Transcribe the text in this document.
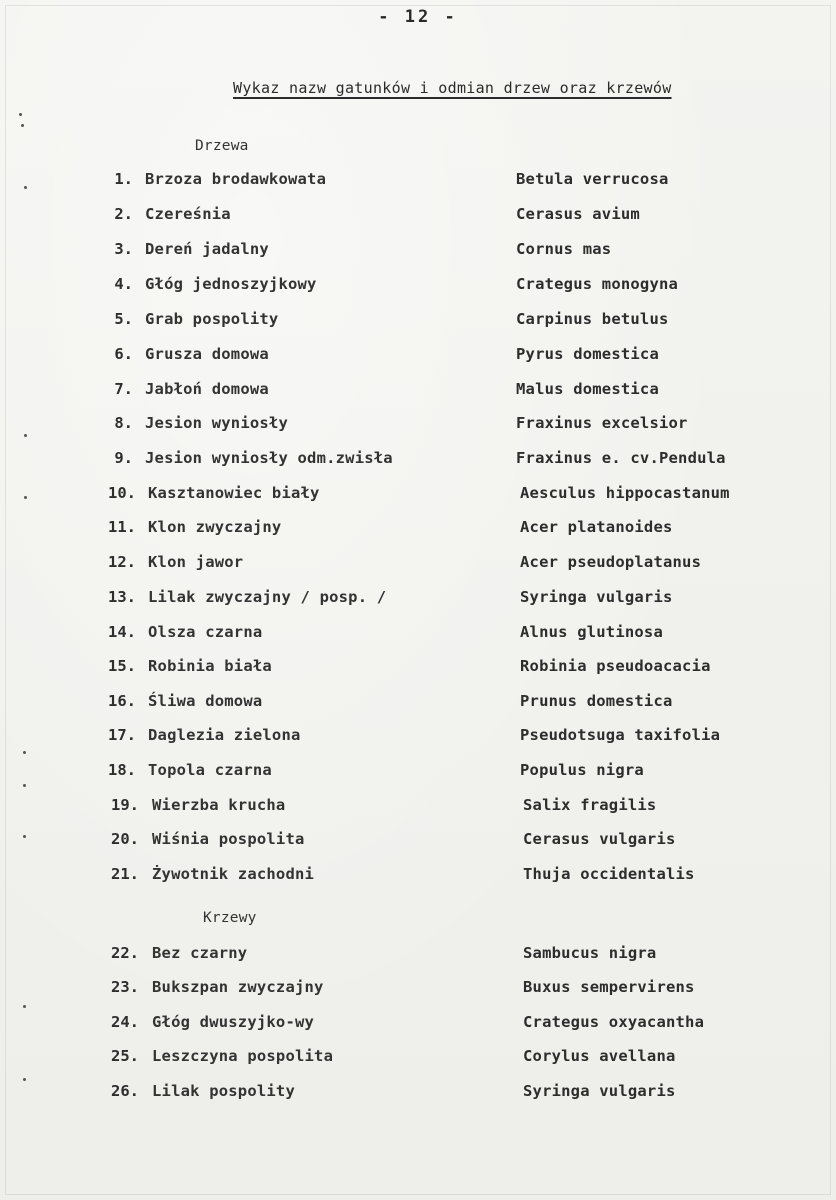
- 12 -
Wykaz nazw gatunków i odmian drzew oraz krzewów
Drzewa
Krzewy
1. Brzoza brodawkowata	Betula verrucosa
2. Czereśnia	Cerasus avium
3. Dereń jadalny	Cornus mas
4. Głóg jednoszyjkowy	Crategus monogyna
5. Grab pospolity	Carpinus betulus
6. Grusza domowa	Pyrus domestica
7. Jabłoń domowa	Malus domestica
8. Jesion wyniosły	Fraxinus excelsior
9. Jesion wyniosły odm.zwisła	Fraxinus e. cv.Pendula
10. Kasztanowiec biały	Aesculus hippocastanum
11. Klon zwyczajny	Acer platanoides
12. Klon jawor	Acer pseudoplatanus
13. Lilak zwyczajny / posp. /	Syringa vulgaris
14. Olsza czarna	Alnus glutinosa
15. Robinia biała	Robinia pseudoacacia
16. Śliwa domowa	Prunus domestica
17. Daglezia zielona	Pseudotsuga taxifolia
18. Topola czarna	Populus nigra
19. Wierzba krucha	Salix fragilis
20. Wiśnia pospolita	Cerasus vulgaris
21. Żywotnik zachodni	Thuja occidentalis
22. Bez czarny	Sambucus nigra
23. Bukszpan zwyczajny	Buxus sempervirens
24. Głóg dwuszyjko-wy	Crategus oxyacantha
25. Leszczyna pospolita	Corylus avellana
26. Lilak pospolity	Syringa vulgaris
